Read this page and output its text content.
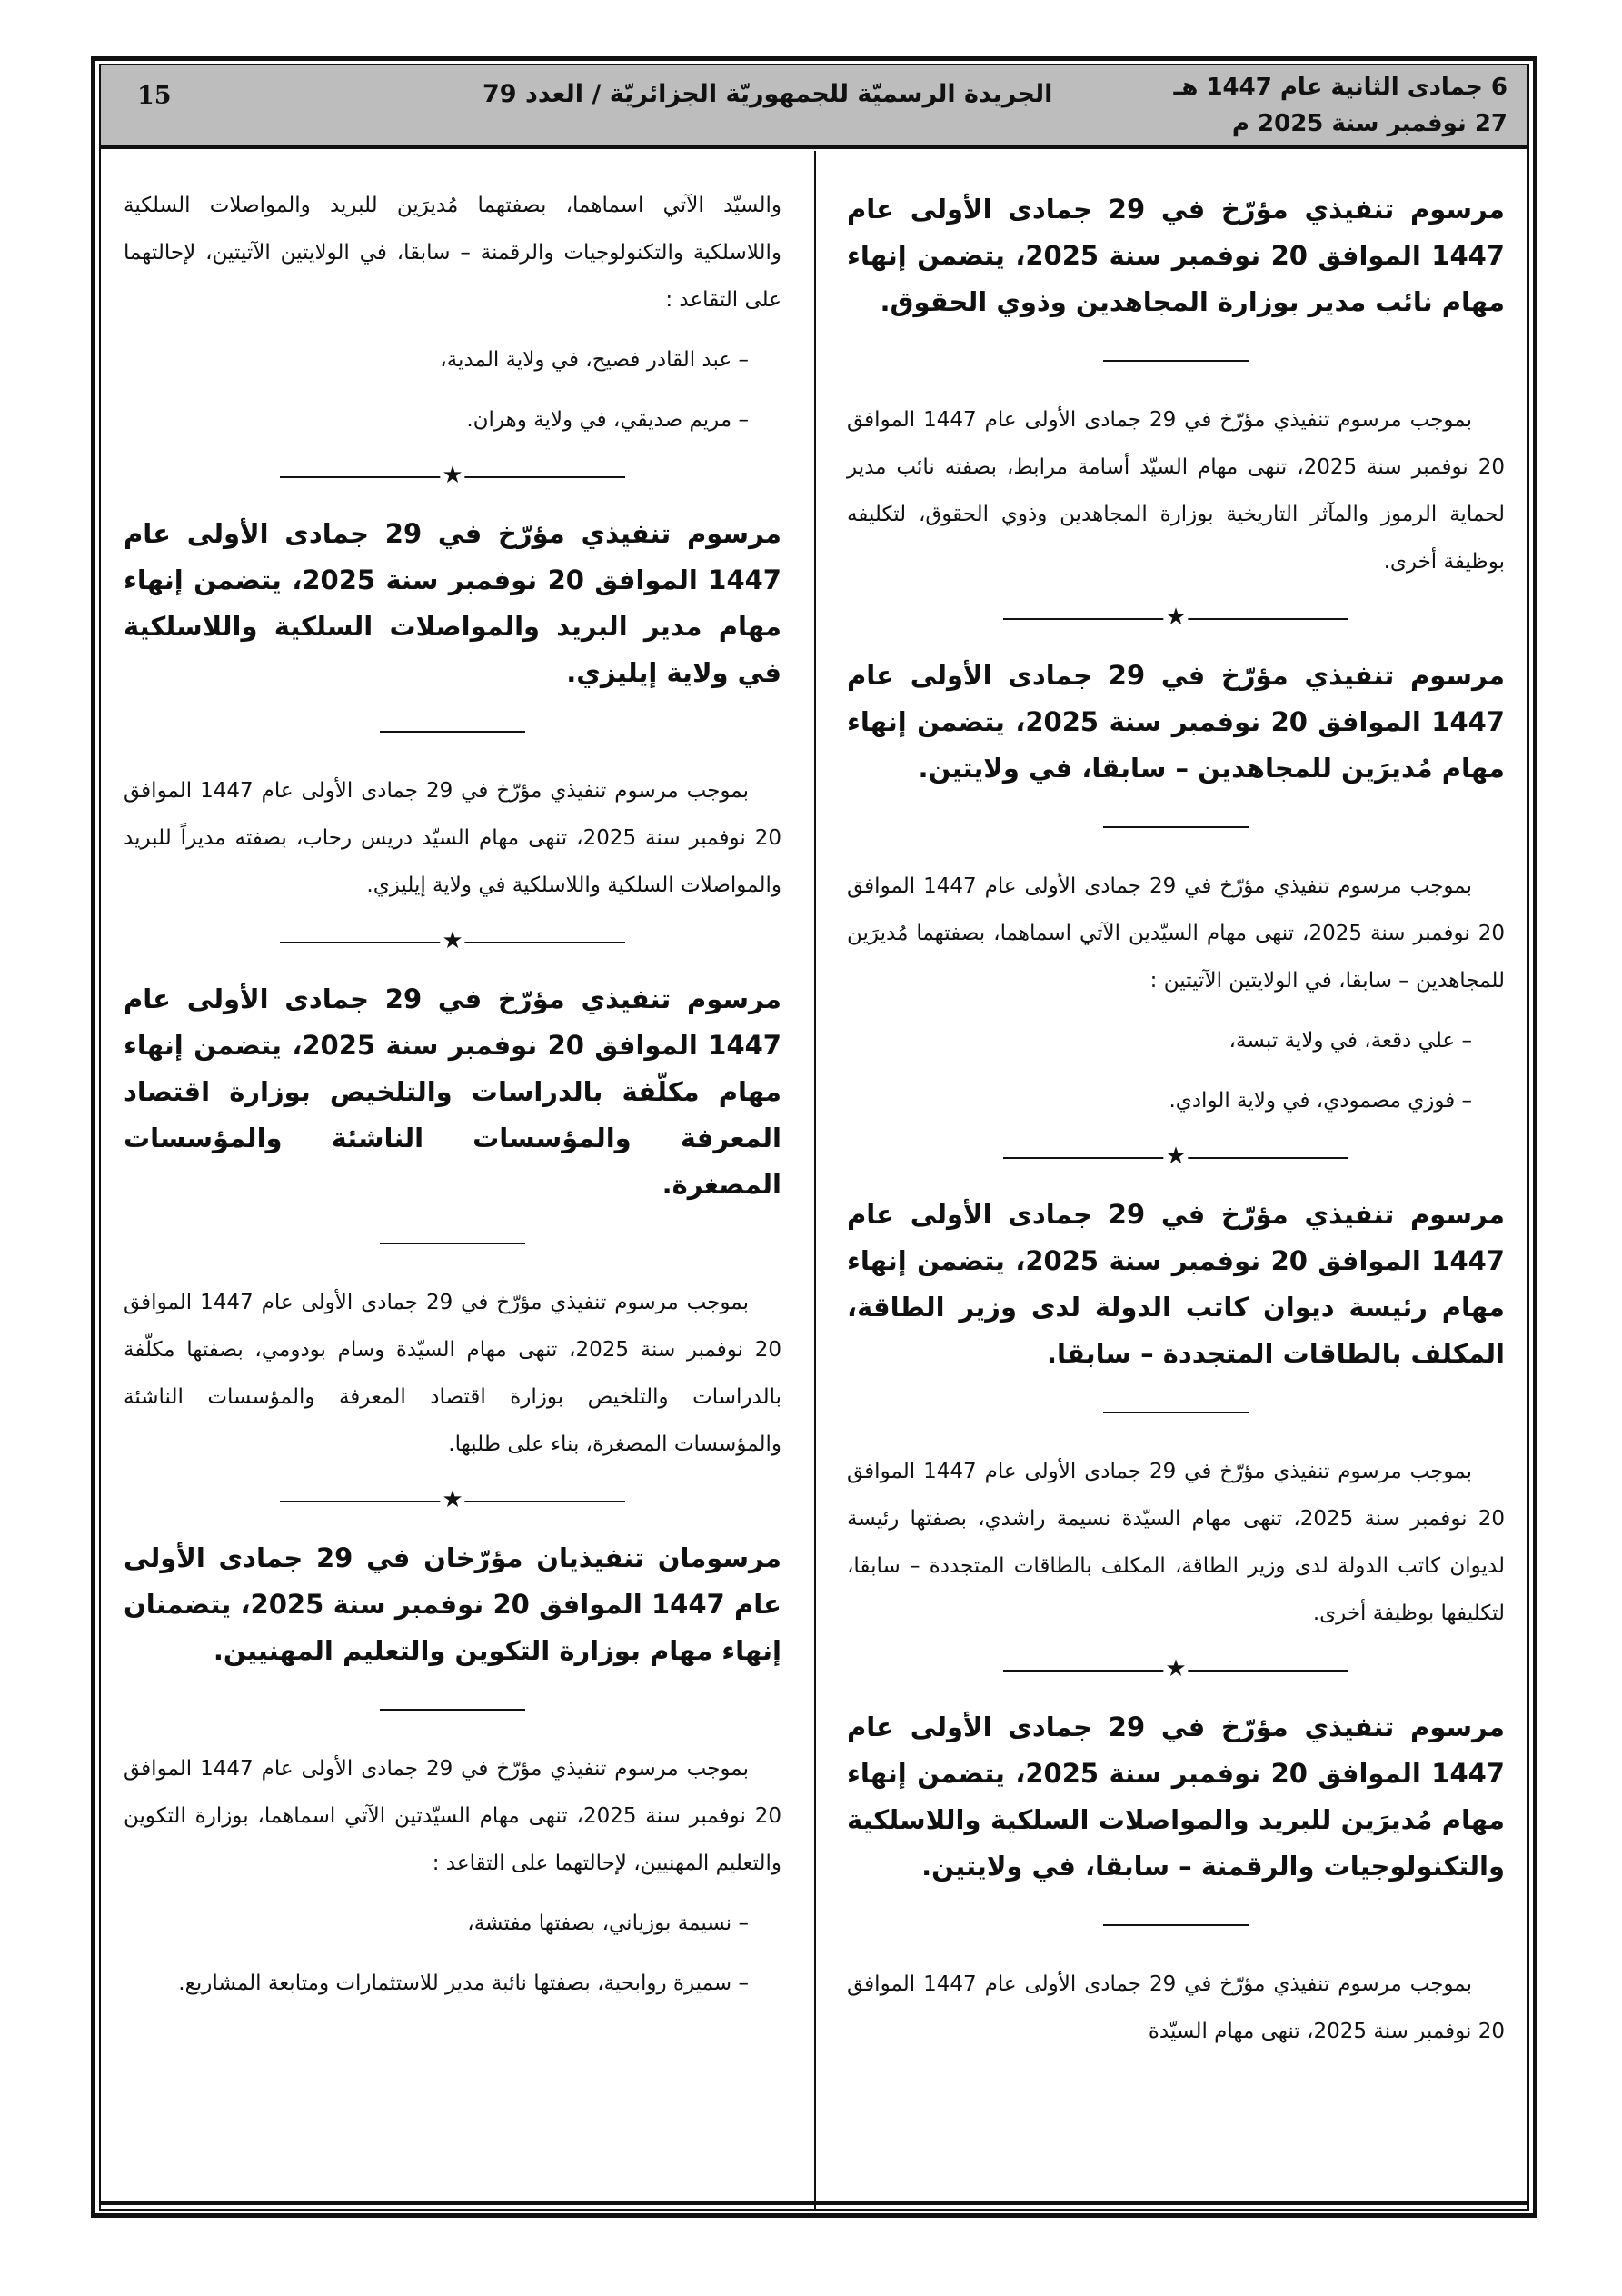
15	الجريدة الرسميّة للجمهوريّة الجزائريّة / العدد 79	6 جمادى الثانية عام 1447 هـ
27 نوفمبر سنة 2025 م

مرسوم تنفيذي مؤرّخ في 29 جمادى الأولى عام 1447 الموافق 20 نوفمبر سنة 2025، يتضمن إنهاء مهام نائب مدير بوزارة المجاهدين وذوي الحقوق.

بموجب مرسوم تنفيذي مؤرّخ في 29 جمادى الأولى عام 1447 الموافق 20 نوفمبر سنة 2025، تنهى مهام السيّد أسامة مرابط، بصفته نائب مدير لحماية الرموز والمآثر التاريخية بوزارة المجاهدين وذوي الحقوق، لتكليفه بوظيفة أخرى.

★

مرسوم تنفيذي مؤرّخ في 29 جمادى الأولى عام 1447 الموافق 20 نوفمبر سنة 2025، يتضمن إنهاء مهام مُديرَين للمجاهدين – سابقا، في ولايتين.

بموجب مرسوم تنفيذي مؤرّخ في 29 جمادى الأولى عام 1447 الموافق 20 نوفمبر سنة 2025، تنهى مهام السيّدين الآتي اسماهما، بصفتهما مُديرَين للمجاهدين – سابقا، في الولايتين الآتيتين :

– علي دقعة، في ولاية تبسة،
– فوزي مصمودي، في ولاية الوادي.
★

مرسوم تنفيذي مؤرّخ في 29 جمادى الأولى عام 1447 الموافق 20 نوفمبر سنة 2025، يتضمن إنهاء مهام رئيسة ديوان كاتب الدولة لدى وزير الطاقة، المكلف بالطاقات المتجددة – سابقا.

بموجب مرسوم تنفيذي مؤرّخ في 29 جمادى الأولى عام 1447 الموافق 20 نوفمبر سنة 2025، تنهى مهام السيّدة نسيمة راشدي، بصفتها رئيسة لديوان كاتب الدولة لدى وزير الطاقة، المكلف بالطاقات المتجددة – سابقا، لتكليفها بوظيفة أخرى.

★

مرسوم تنفيذي مؤرّخ في 29 جمادى الأولى عام 1447 الموافق 20 نوفمبر سنة 2025، يتضمن إنهاء مهام مُديرَين للبريد والمواصلات السلكية واللاسلكية والتكنولوجيات والرقمنة – سابقا، في ولايتين.

بموجب مرسوم تنفيذي مؤرّخ في 29 جمادى الأولى عام 1447 الموافق 20 نوفمبر سنة 2025، تنهى مهام السيّدة

والسيّد الآتي اسماهما، بصفتهما مُديرَين للبريد والمواصلات السلكية واللاسلكية والتكنولوجيات والرقمنة – سابقا، في الولايتين الآتيتين، لإحالتهما على التقاعد :

– عبد القادر فصيح، في ولاية المدية،
– مريم صديقي، في ولاية وهران.
★

مرسوم تنفيذي مؤرّخ في 29 جمادى الأولى عام 1447 الموافق 20 نوفمبر سنة 2025، يتضمن إنهاء مهام مدير البريد والمواصلات السلكية واللاسلكية في ولاية إيليزي.

بموجب مرسوم تنفيذي مؤرّخ في 29 جمادى الأولى عام 1447 الموافق 20 نوفمبر سنة 2025، تنهى مهام السيّد دريس رحاب، بصفته مديراً للبريد والمواصلات السلكية واللاسلكية في ولاية إيليزي.

★

مرسوم تنفيذي مؤرّخ في 29 جمادى الأولى عام 1447 الموافق 20 نوفمبر سنة 2025، يتضمن إنهاء مهام مكلّفة بالدراسات والتلخيص بوزارة اقتصاد المعرفة والمؤسسات الناشئة والمؤسسات المصغرة.

بموجب مرسوم تنفيذي مؤرّخ في 29 جمادى الأولى عام 1447 الموافق 20 نوفمبر سنة 2025، تنهى مهام السيّدة وسام بودومي، بصفتها مكلّفة بالدراسات والتلخيص بوزارة اقتصاد المعرفة والمؤسسات الناشئة والمؤسسات المصغرة، بناء على طلبها.

★

مرسومان تنفيذيان مؤرّخان في 29 جمادى الأولى عام 1447 الموافق 20 نوفمبر سنة 2025، يتضمنان إنهاء مهام بوزارة التكوين والتعليم المهنيين.

بموجب مرسوم تنفيذي مؤرّخ في 29 جمادى الأولى عام 1447 الموافق 20 نوفمبر سنة 2025، تنهى مهام السيّدتين الآتي اسماهما، بوزارة التكوين والتعليم المهنيين، لإحالتهما على التقاعد :

– نسيمة بوزياني، بصفتها مفتشة،
– سميرة روابحية، بصفتها نائبة مدير للاستثمارات ومتابعة المشاريع.
